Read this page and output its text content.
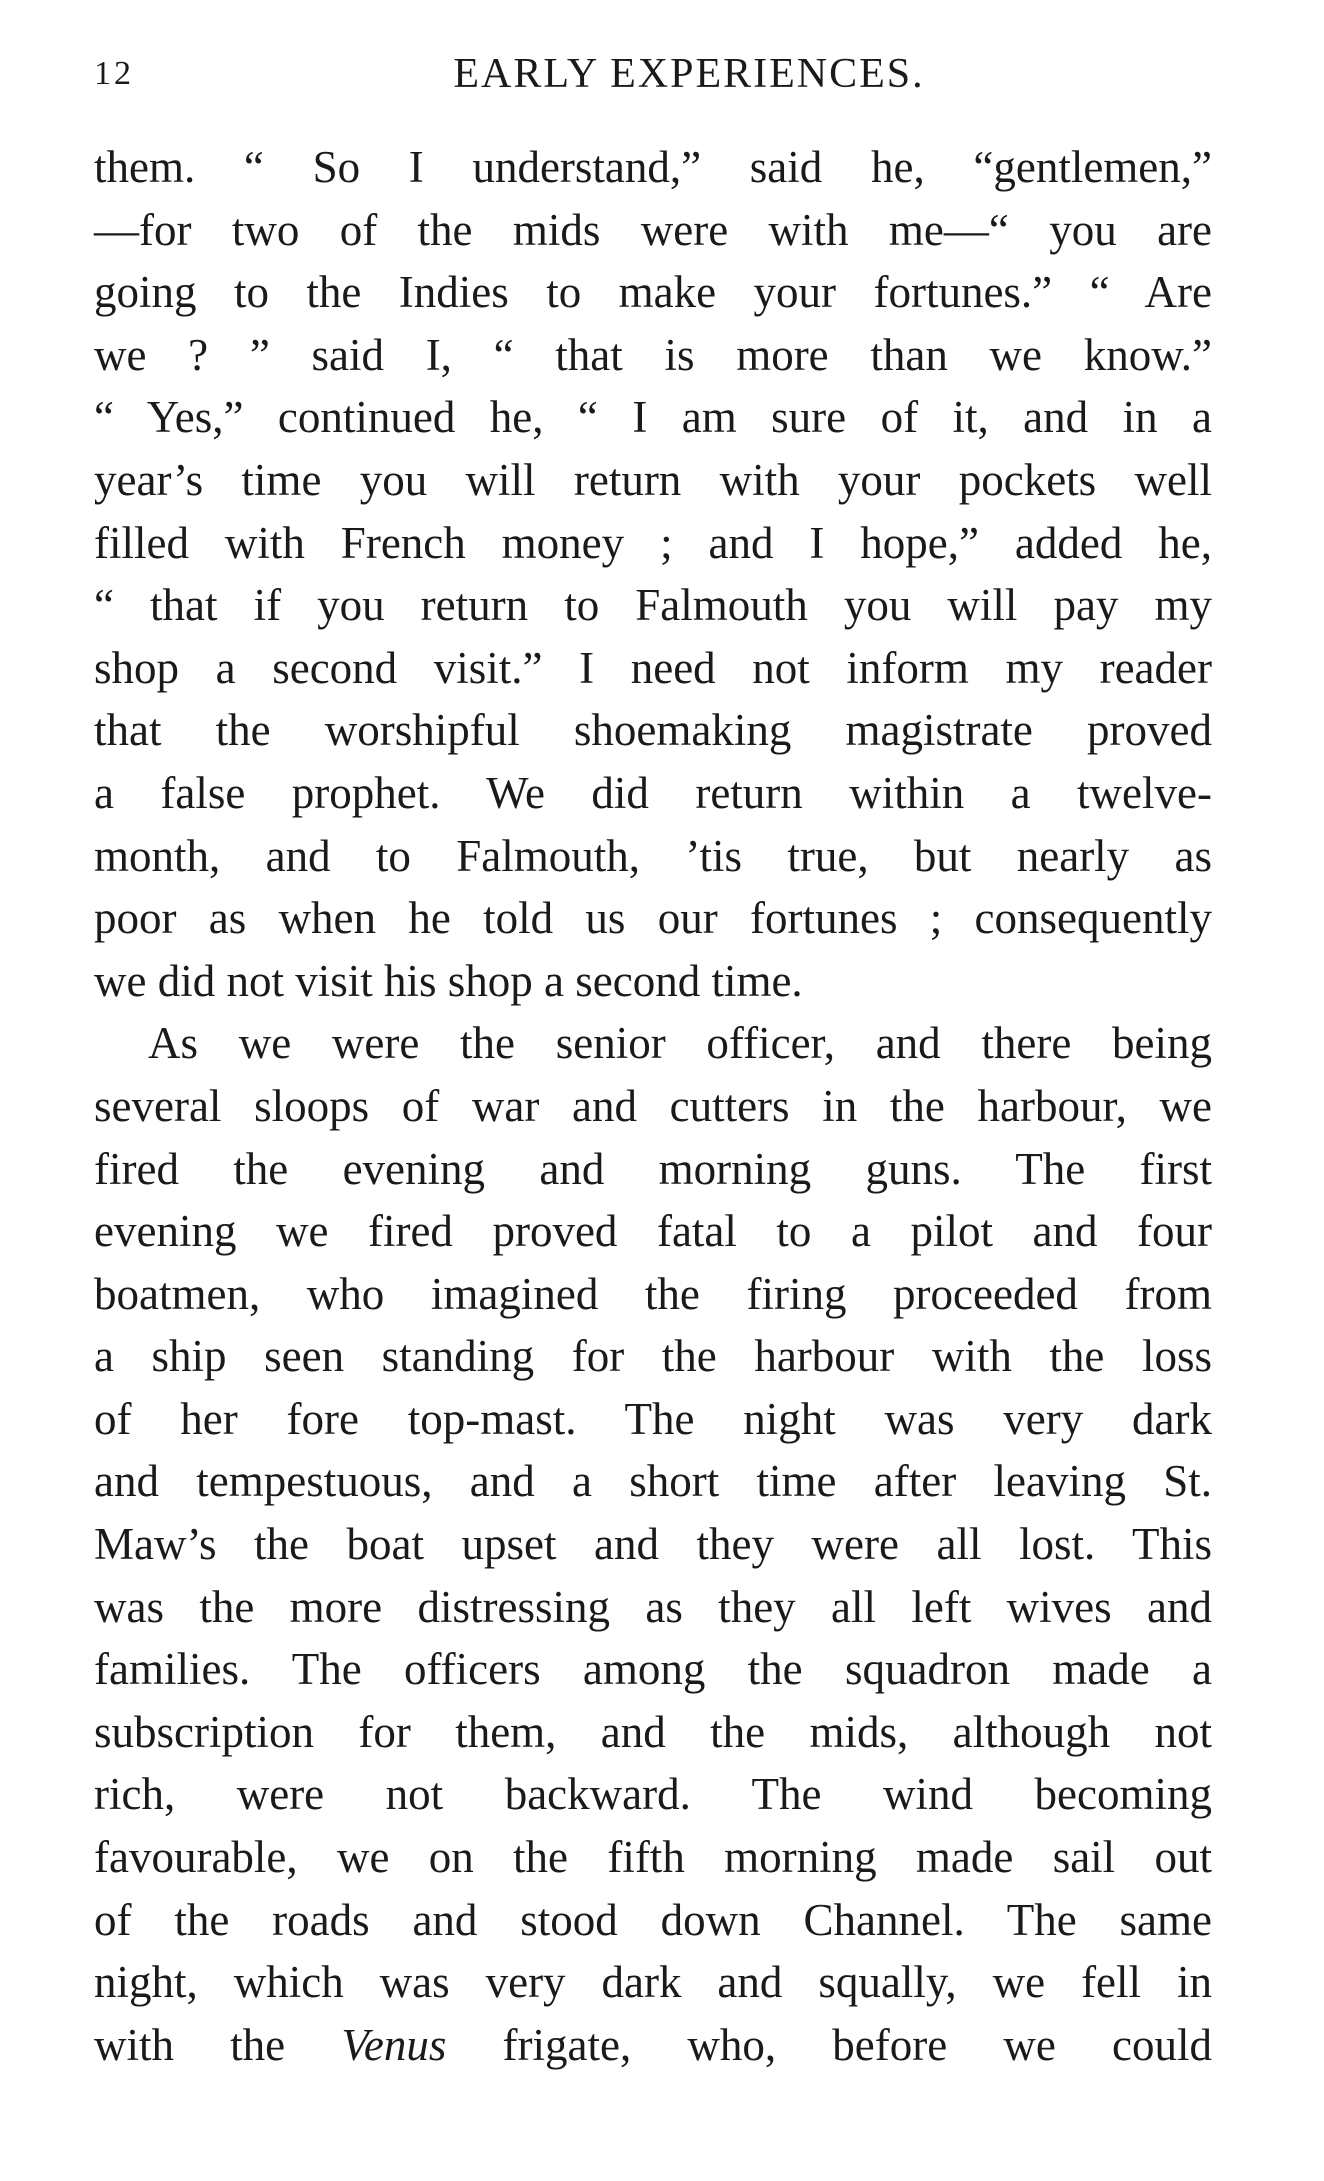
12	EARLY EXPERIENCES.
them. “ So I understand,” said he, “gentlemen,”
—for two of the mids were with me—“ you are
going to the Indies to make your fortunes.” “ Are
we ? ” said I, “ that is more than we know.”
“ Yes,” continued he, “ I am sure of it, and in a
year’s time you will return with your pockets well
filled with French money ; and I hope,” added he,
“ that if you return to Falmouth you will pay my
shop a second visit.” I need not inform my reader
that the worshipful shoemaking magistrate proved
a false prophet. We did return within a twelve-
month, and to Falmouth, ’tis true, but nearly as
poor as when he told us our fortunes ; consequently
we did not visit his shop a second time.
As we were the senior officer, and there being
several sloops of war and cutters in the harbour, we
fired the evening and morning guns. The first
evening we fired proved fatal to a pilot and four
boatmen, who imagined the firing proceeded from
a ship seen standing for the harbour with the loss
of her fore top-mast. The night was very dark
and tempestuous, and a short time after leaving St.
Maw’s the boat upset and they were all lost. This
was the more distressing as they all left wives and
families. The officers among the squadron made a
subscription for them, and the mids, although not
rich, were not backward. The wind becoming
favourable, we on the fifth morning made sail out
of the roads and stood down Channel. The same
night, which was very dark and squally, we fell in
with the Venus frigate, who, before we could
